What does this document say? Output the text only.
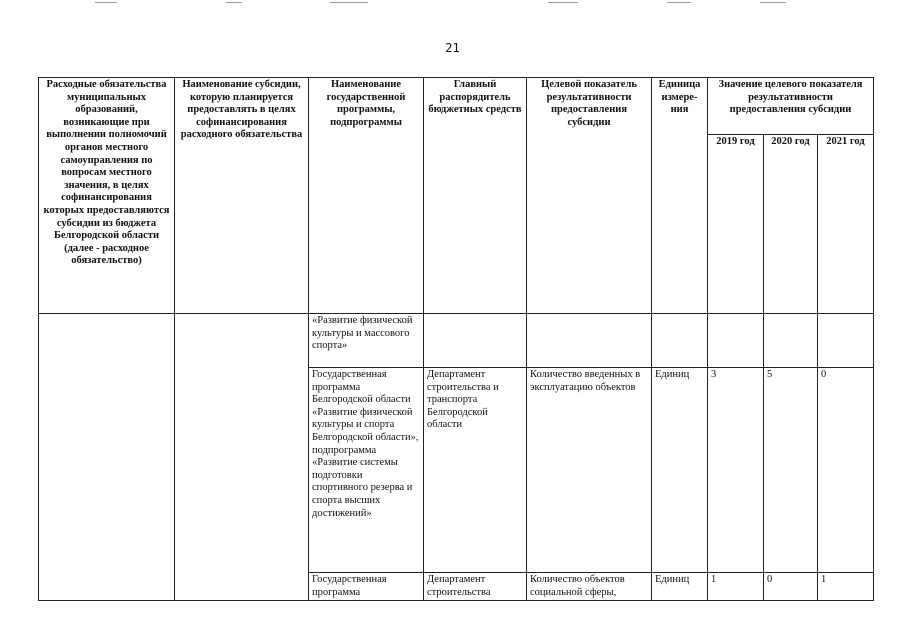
21
Расходные обязательства муниципальных образований, возникающие при выполнении полномочий органов местного самоуправления по вопросам местного значения, в целях софинансирования которых предоставляются субсидии из бюджета Белгородской области (далее - расходное обязательство)	Наименование субсидии, которую планируется предоставлять в целях софинансирования расходного обязательства	Наименование государственной программы, подпрограммы	Главный распорядитель бюджетных средств	Целевой показатель результативности предоставления субсидии	Единица измере-ния	Значение целевого показателя результативности предоставления субсидии		
						2019 год	2020 год	2021 год

		«Развитие физической культуры и массового спорта»						
		Государственная программа Белгородской области «Развитие физической культуры и спорта Белгородской области», подпрограмма «Развитие системы подготовки спортивного резерва и спорта высших достижений»	Департамент строительства и транспорта Белгородской области	Количество введенных в эксплуатацию объектов	Единиц	3	5	0
		Государственная программа	Департамент строительства	Количество объектов социальной сферы,	Единиц	1	0	1
